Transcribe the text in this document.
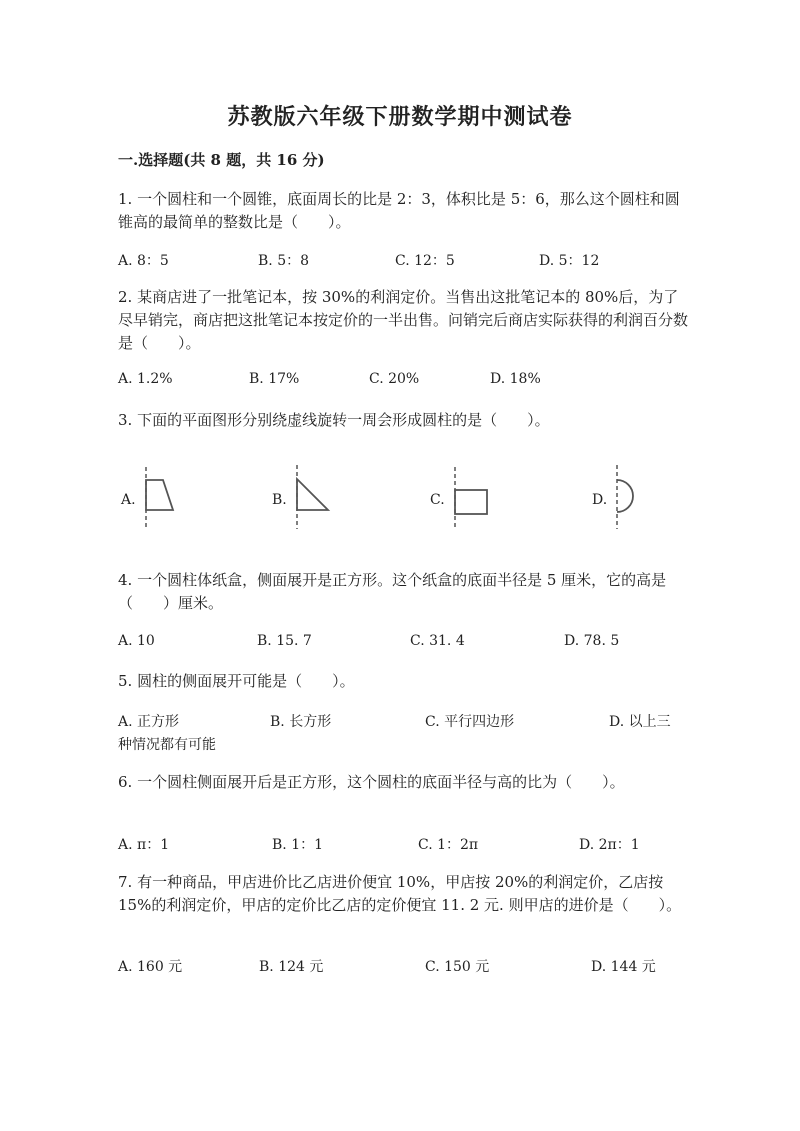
苏教版六年级下册数学期中测试卷
一.选择题(共 8 题，共 16 分)
1. 一个圆柱和一个圆锥，底面周长的比是 2：3，体积比是 5：6，那么这个圆柱和圆锥高的最简单的整数比是（　　）。
A. 8：5	B. 5：8	C. 12：5	D. 5：12
2. 某商店进了一批笔记本，按 30%的利润定价。当售出这批笔记本的 80%后，为了尽早销完，商店把这批笔记本按定价的一半出售。问销完后商店实际获得的利润百分数是（　　）。
A. 1.2%	B. 17%	C. 20%	D. 18%
3. 下面的平面图形分别绕虚线旋转一周会形成圆柱的是（　　）。
A.	B.	C.	D.
4. 一个圆柱体纸盒，侧面展开是正方形。这个纸盒的底面半径是 5 厘米，它的高是（　　）厘米。
A. 10	B. 15. 7	C. 31. 4	D. 78. 5
5. 圆柱的侧面展开可能是（　　）。
A. 正方形	B. 长方形	C. 平行四边形	D. 以上三种情况都有可能
6. 一个圆柱侧面展开后是正方形，这个圆柱的底面半径与高的比为（　　）。
A. π：1	B. 1：1	C. 1：2π	D. 2π：1
7. 有一种商品，甲店进价比乙店进价便宜 10%，甲店按 20%的利润定价，乙店按 15%的利润定价，甲店的定价比乙店的定价便宜 11. 2 元. 则甲店的进价是（　　）。
A. 160 元	B. 124 元	C. 150 元	D. 144 元
